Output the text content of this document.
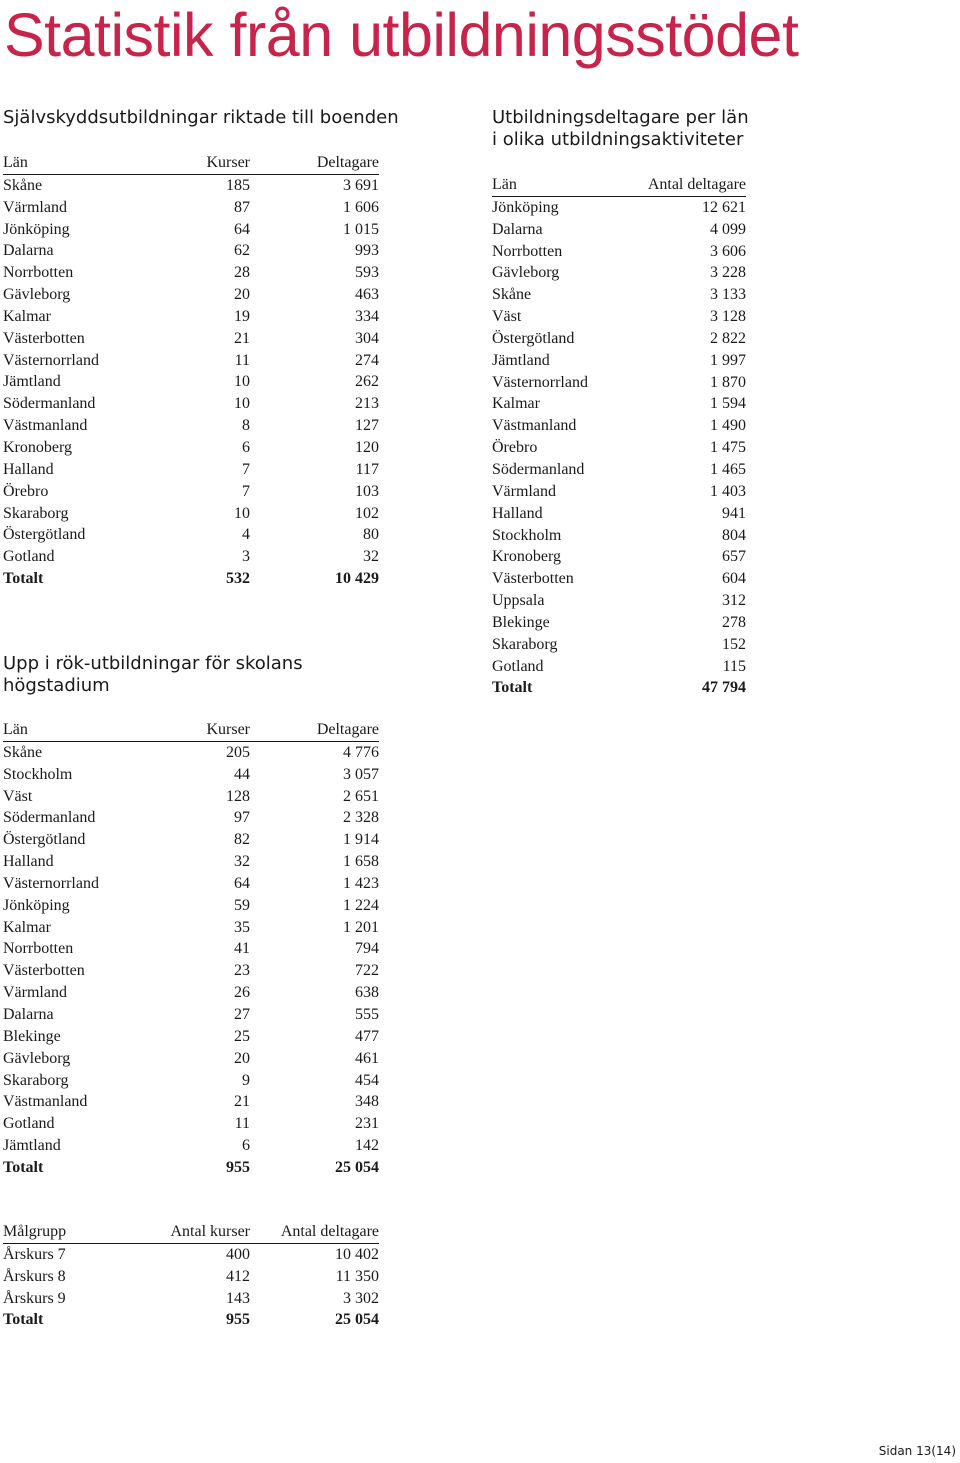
Statistik från utbildningsstödet
Självskyddsutbildningar riktade till boenden
Län	Kurser	Deltagare
Skåne	185	3 691
Värmland	87	1 606
Jönköping	64	1 015
Dalarna	62	993
Norrbotten	28	593
Gävleborg	20	463
Kalmar	19	334
Västerbotten	21	304
Västernorrland	11	274
Jämtland	10	262
Södermanland	10	213
Västmanland	8	127
Kronoberg	6	120
Halland	7	117
Örebro	7	103
Skaraborg	10	102
Östergötland	4	80
Gotland	3	32
Totalt	532	10 429
Upp i rök-utbildningar för skolans
högstadium
Län	Kurser	Deltagare
Skåne	205	4 776
Stockholm	44	3 057
Väst	128	2 651
Södermanland	97	2 328
Östergötland	82	1 914
Halland	32	1 658
Västernorrland	64	1 423
Jönköping	59	1 224
Kalmar	35	1 201
Norrbotten	41	794
Västerbotten	23	722
Värmland	26	638
Dalarna	27	555
Blekinge	25	477
Gävleborg	20	461
Skaraborg	9	454
Västmanland	21	348
Gotland	11	231
Jämtland	6	142
Totalt	955	25 054
Målgrupp	Antal kurser	Antal deltagare
Årskurs 7	400	10 402
Årskurs 8	412	11 350
Årskurs 9	143	3 302
Totalt	955	25 054
Utbildningsdeltagare per län
i olika utbildningsaktiviteter
Län	Antal deltagare
Jönköping	12 621
Dalarna	4 099
Norrbotten	3 606
Gävleborg	3 228
Skåne	3 133
Väst	3 128
Östergötland	2 822
Jämtland	1 997
Västernorrland	1 870
Kalmar	1 594
Västmanland	1 490
Örebro	1 475
Södermanland	1 465
Värmland	1 403
Halland	941
Stockholm	804
Kronoberg	657
Västerbotten	604
Uppsala	312
Blekinge	278
Skaraborg	152
Gotland	115
Totalt	47 794
Sidan 13(14)
